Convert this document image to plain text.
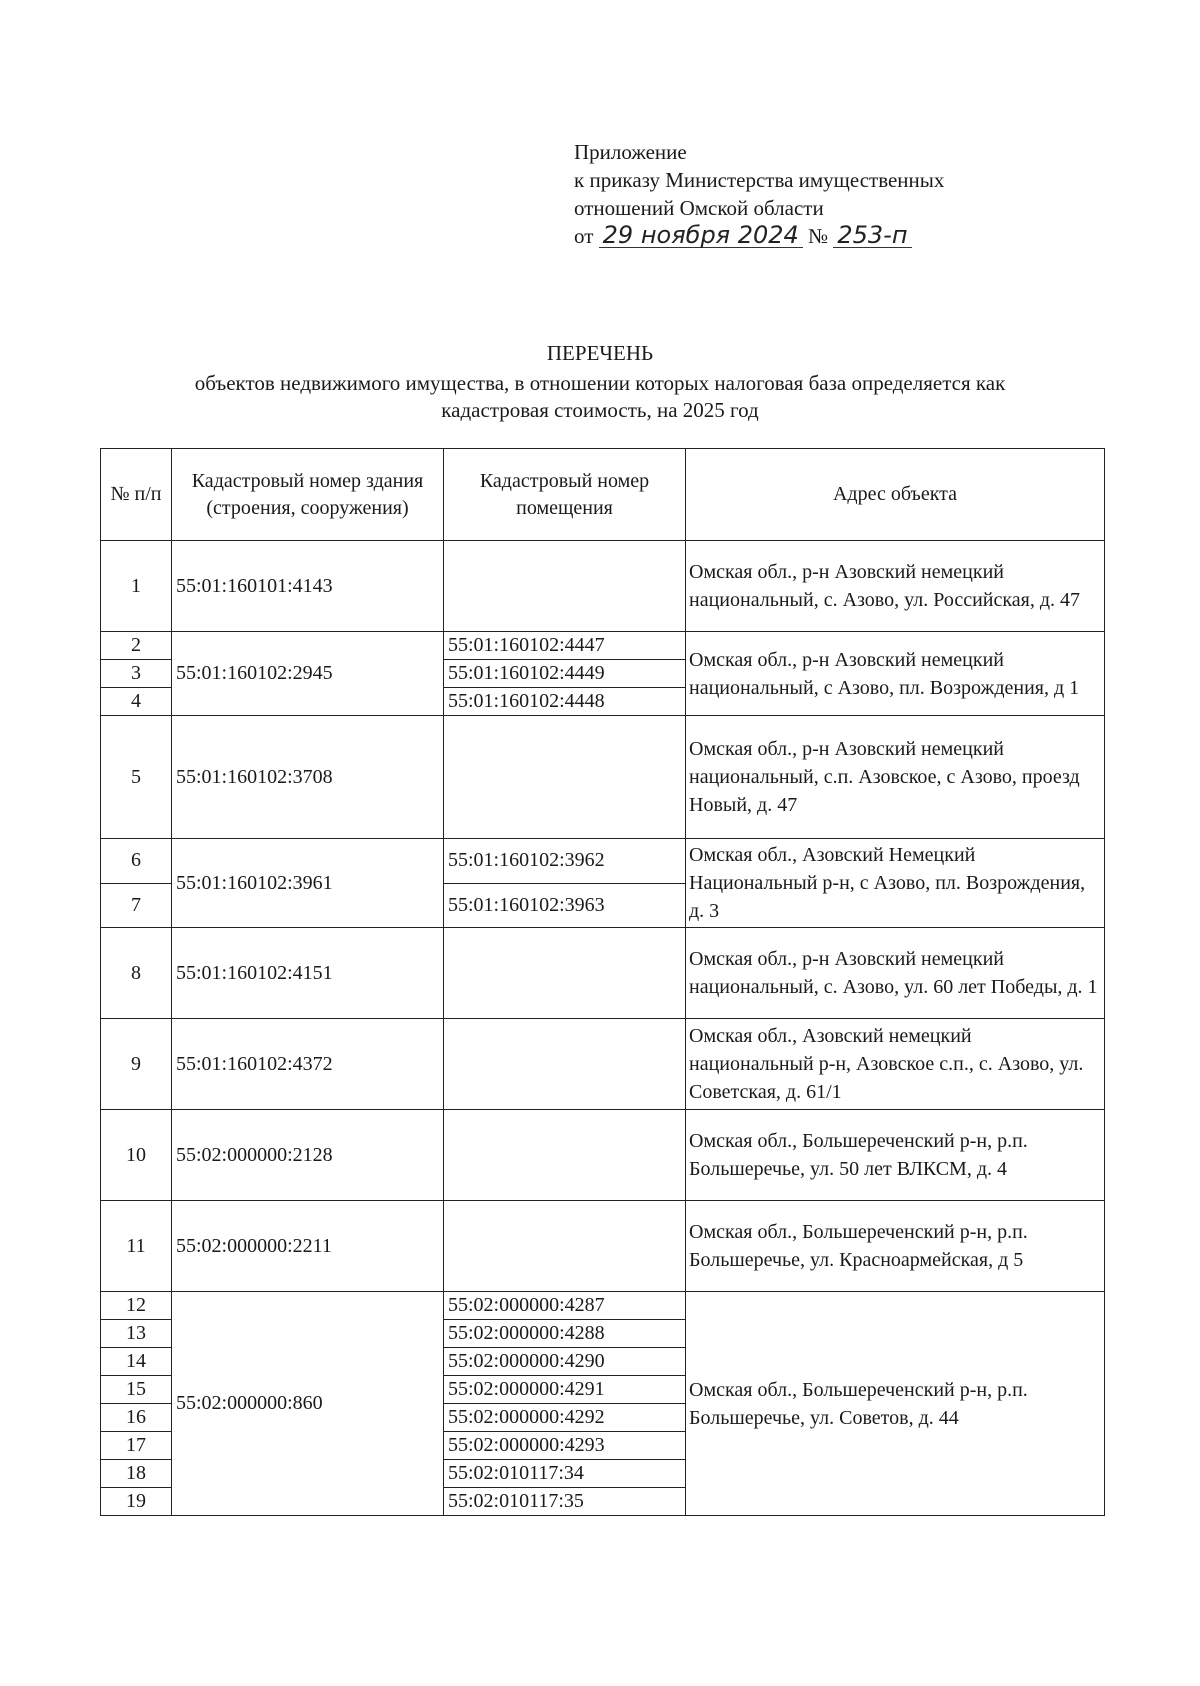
Приложение
к приказу Министерства имущественных
отношений Омской области
от 29 ноября 2024 № 253-п
ПЕРЕЧЕНЬ
объектов недвижимого имущества, в отношении которых налоговая база определяется как
кадастровая стоимость, на 2025 год
№ п/п	Кадастровый номер здания (строения, сооружения)	Кадастровый номер помещения	Адрес объекта
1	55:01:160101:4143		Омская обл., р-н Азовский немецкий национальный, с. Азово, ул. Российская, д. 47
2	55:01:160102:2945	55:01:160102:4447	Омская обл., р-н Азовский немецкий национальный, с Азово, пл. Возрождения, д 1
3		55:01:160102:4449	
4		55:01:160102:4448	
5	55:01:160102:3708		Омская обл., р-н Азовский немецкий национальный, с.п. Азовское, с Азово, проезд Новый, д. 47
6	55:01:160102:3961	55:01:160102:3962	Омская обл., Азовский Немецкий Национальный р-н, с Азово, пл. Возрождения, д. 3
7		55:01:160102:3963	
8	55:01:160102:4151		Омская обл., р-н Азовский немецкий национальный, с. Азово, ул. 60 лет Победы, д. 1
9	55:01:160102:4372		Омская обл., Азовский немецкий национальный р-н, Азовское с.п., с. Азово, ул. Советская, д. 61/1
10	55:02:000000:2128		Омская обл., Большереченский р-н, р.п. Большеречье, ул. 50 лет ВЛКСМ, д. 4
11	55:02:000000:2211		Омская обл., Большереченский р-н, р.п. Большеречье, ул. Красноармейская, д 5
12	55:02:000000:860	55:02:000000:4287	Омская обл., Большереченский р-н, р.п. Большеречье, ул. Советов, д. 44
13		55:02:000000:4288	
14		55:02:000000:4290	
15		55:02:000000:4291	
16		55:02:000000:4292	
17		55:02:000000:4293	
18		55:02:010117:34	
19		55:02:010117:35	
